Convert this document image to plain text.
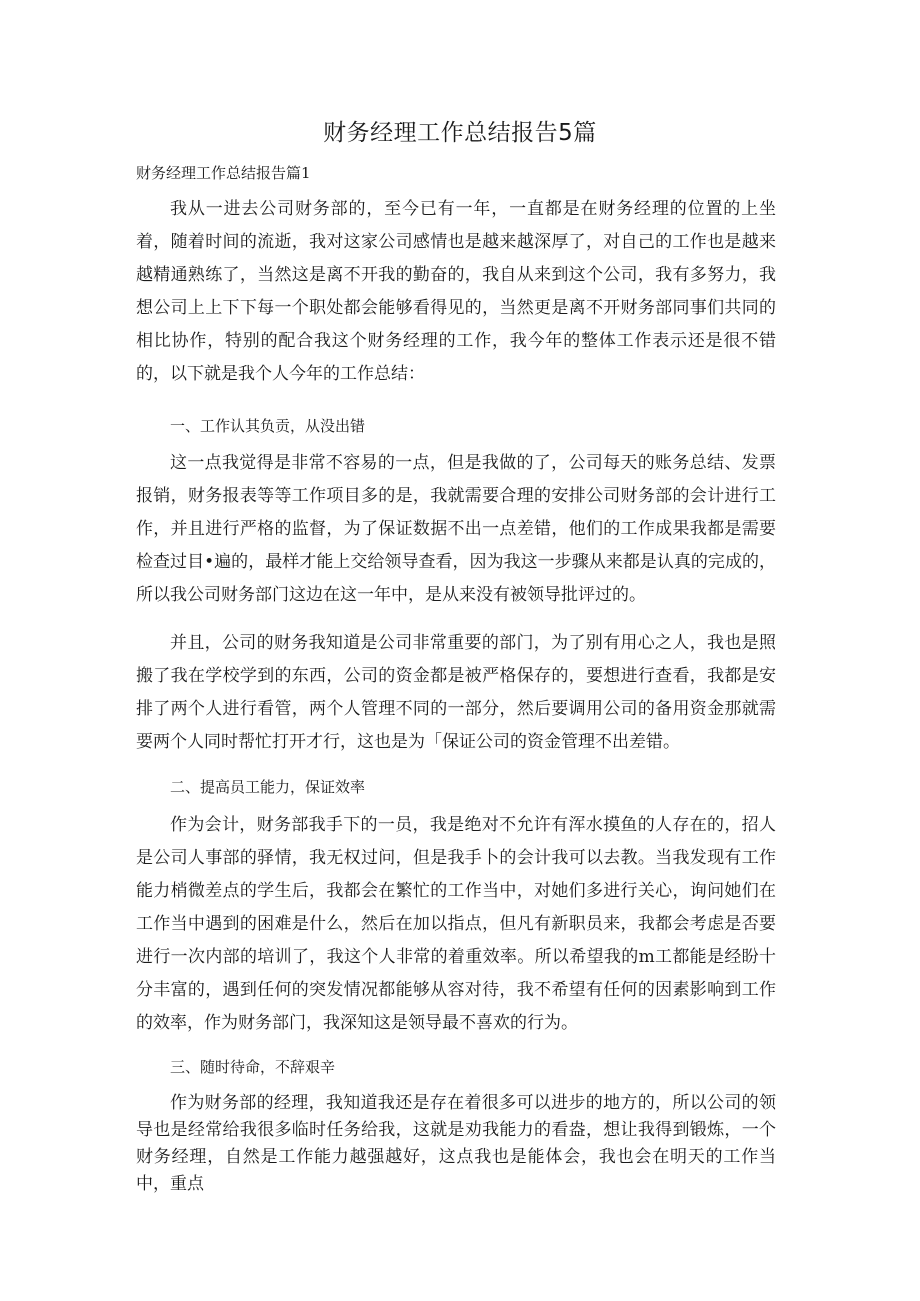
财务经理工作总结报告5篇

财务经理工作总结报告篇1

我从一进去公司财务部的，至今已有一年，一直都是在财务经理的位置的上坐着，随着时间的流逝，我对这家公司感情也是越来越深厚了，对自己的工作也是越来越精通熟练了，当然这是离不开我的勤奋的，我自从来到这个公司，我有多努力，我想公司上上下下每一个职处都会能够看得见的，当然更是离不开财务部同事们共同的相比协作，特别的配合我这个财务经理的工作，我今年的整体工作表示还是很不错的，以下就是我个人今年的工作总结：

一、工作认其负贡，从没出错

这一点我觉得是非常不容易的一点，但是我做的了，公司每天的账务总结、发票报销，财务报表等等工作项目多的是，我就需要合理的安排公司财务部的会计进行工作，并且进行严格的监督，为了保证数据不出一点差错，他们的工作成果我都是需要检查过目•遍的，最样才能上交给领导查看，因为我这一步骤从来都是认真的完成的，所以我公司财务部门这边在这一年中，是从来没有被领导批评过的。

并且，公司的财务我知道是公司非常重要的部门，为了别有用心之人，我也是照搬了我在学校学到的东西，公司的资金都是被严格保存的，要想进行查看，我都是安排了两个人进行看管，两个人管理不同的一部分，然后要调用公司的备用资金那就需要两个人同时帮忙打开才行，这也是为「保证公司的资金管理不出差错。

二、提高员工能力，保证效率

作为会计，财务部我手下的一员，我是绝对不允许有浑水摸鱼的人存在的，招人是公司人事部的驿情，我无权过问，但是我手卜的会计我可以去教。当我发现有工作能力梢微差点的学生后，我都会在繁忙的工作当中，对她们多进行关心，询问她们在工作当中遇到的困难是什么，然后在加以指点，但凡有新职员来，我都会考虑是否要进行一次内部的培训了，我这个人非常的着重效率。所以希望我的m工都能是经盼十分丰富的，遇到任何的突发情况都能够从容对待，我不希望有任何的因素影响到工作的效率，作为财务部门，我深知这是领导最不喜欢的行为。

三、随时待命，不辞艰辛

作为财务部的经理，我知道我还是存在着很多可以进步的地方的，所以公司的领导也是经常给我很多临时任务给我，这就是劝我能力的看盎，想让我得到锻炼，一个财务经理，自然是工作能力越强越好，这点我也是能体会，我也会在明天的工作当中，重点
